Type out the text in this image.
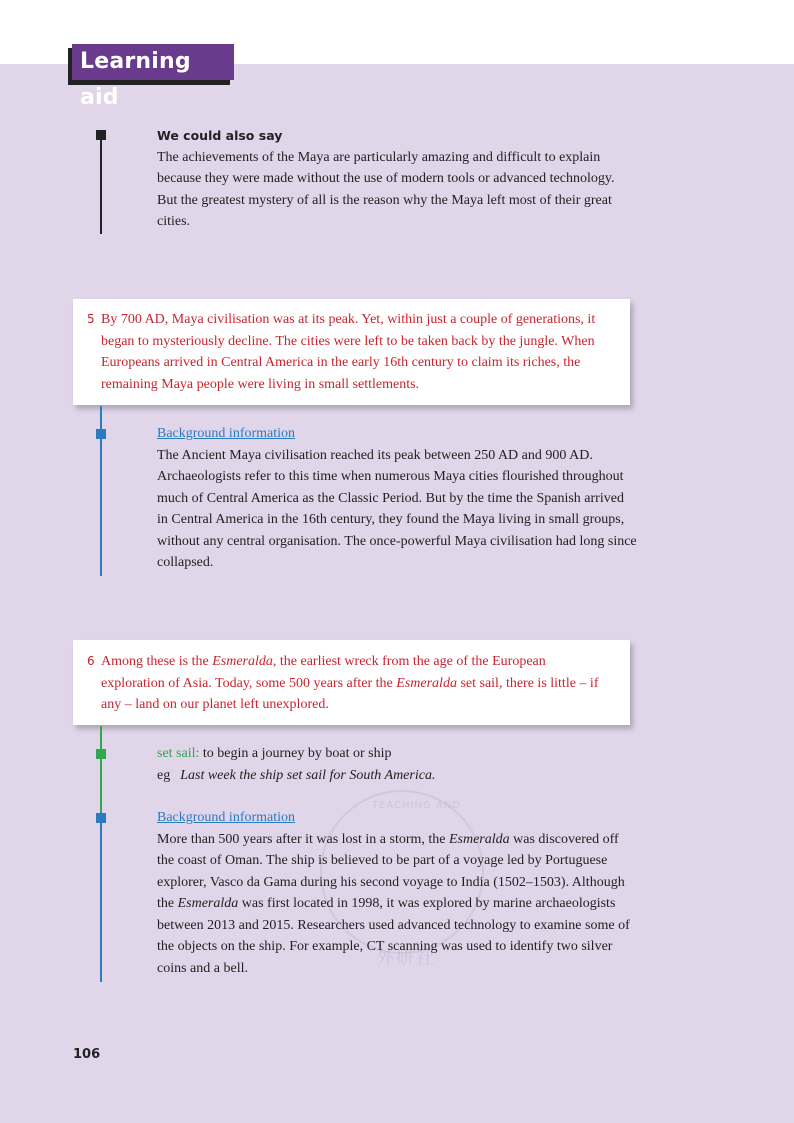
Learning aid
We could also say
The achievements of the Maya are particularly amazing and difficult to explain because they were made without the use of modern tools or advanced technology. But the greatest mystery of all is the reason why the Maya left most of their great cities.
5 By 700 AD, Maya civilisation was at its peak. Yet, within just a couple of generations, it began to mysteriously decline. The cities were left to be taken back by the jungle. When Europeans arrived in Central America in the early 16th century to claim its riches, the remaining Maya people were living in small settlements.
Background information
The Ancient Maya civilisation reached its peak between 250 AD and 900 AD. Archaeologists refer to this time when numerous Maya cities flourished throughout much of Central America as the Classic Period. But by the time the Spanish arrived in Central America in the 16th century, they found the Maya living in small groups, without any central organisation. The once-powerful Maya civilisation had long since collapsed.
6 Among these is the Esmeralda, the earliest wreck from the age of the European exploration of Asia. Today, some 500 years after the Esmeralda set sail, there is little – if any – land on our planet left unexplored.
set sail: to begin a journey by boat or ship
eg Last week the ship set sail for South America.
TEACHING AND
外研社
Background information
More than 500 years after it was lost in a storm, the Esmeralda was discovered off the coast of Oman. The ship is believed to be part of a voyage led by Portuguese explorer, Vasco da Gama during his second voyage to India (1502–1503). Although the Esmeralda was first located in 1998, it was explored by marine archaeologists between 2013 and 2015. Researchers used advanced technology to examine some of the objects on the ship. For example, CT scanning was used to identify two silver coins and a bell.
106
